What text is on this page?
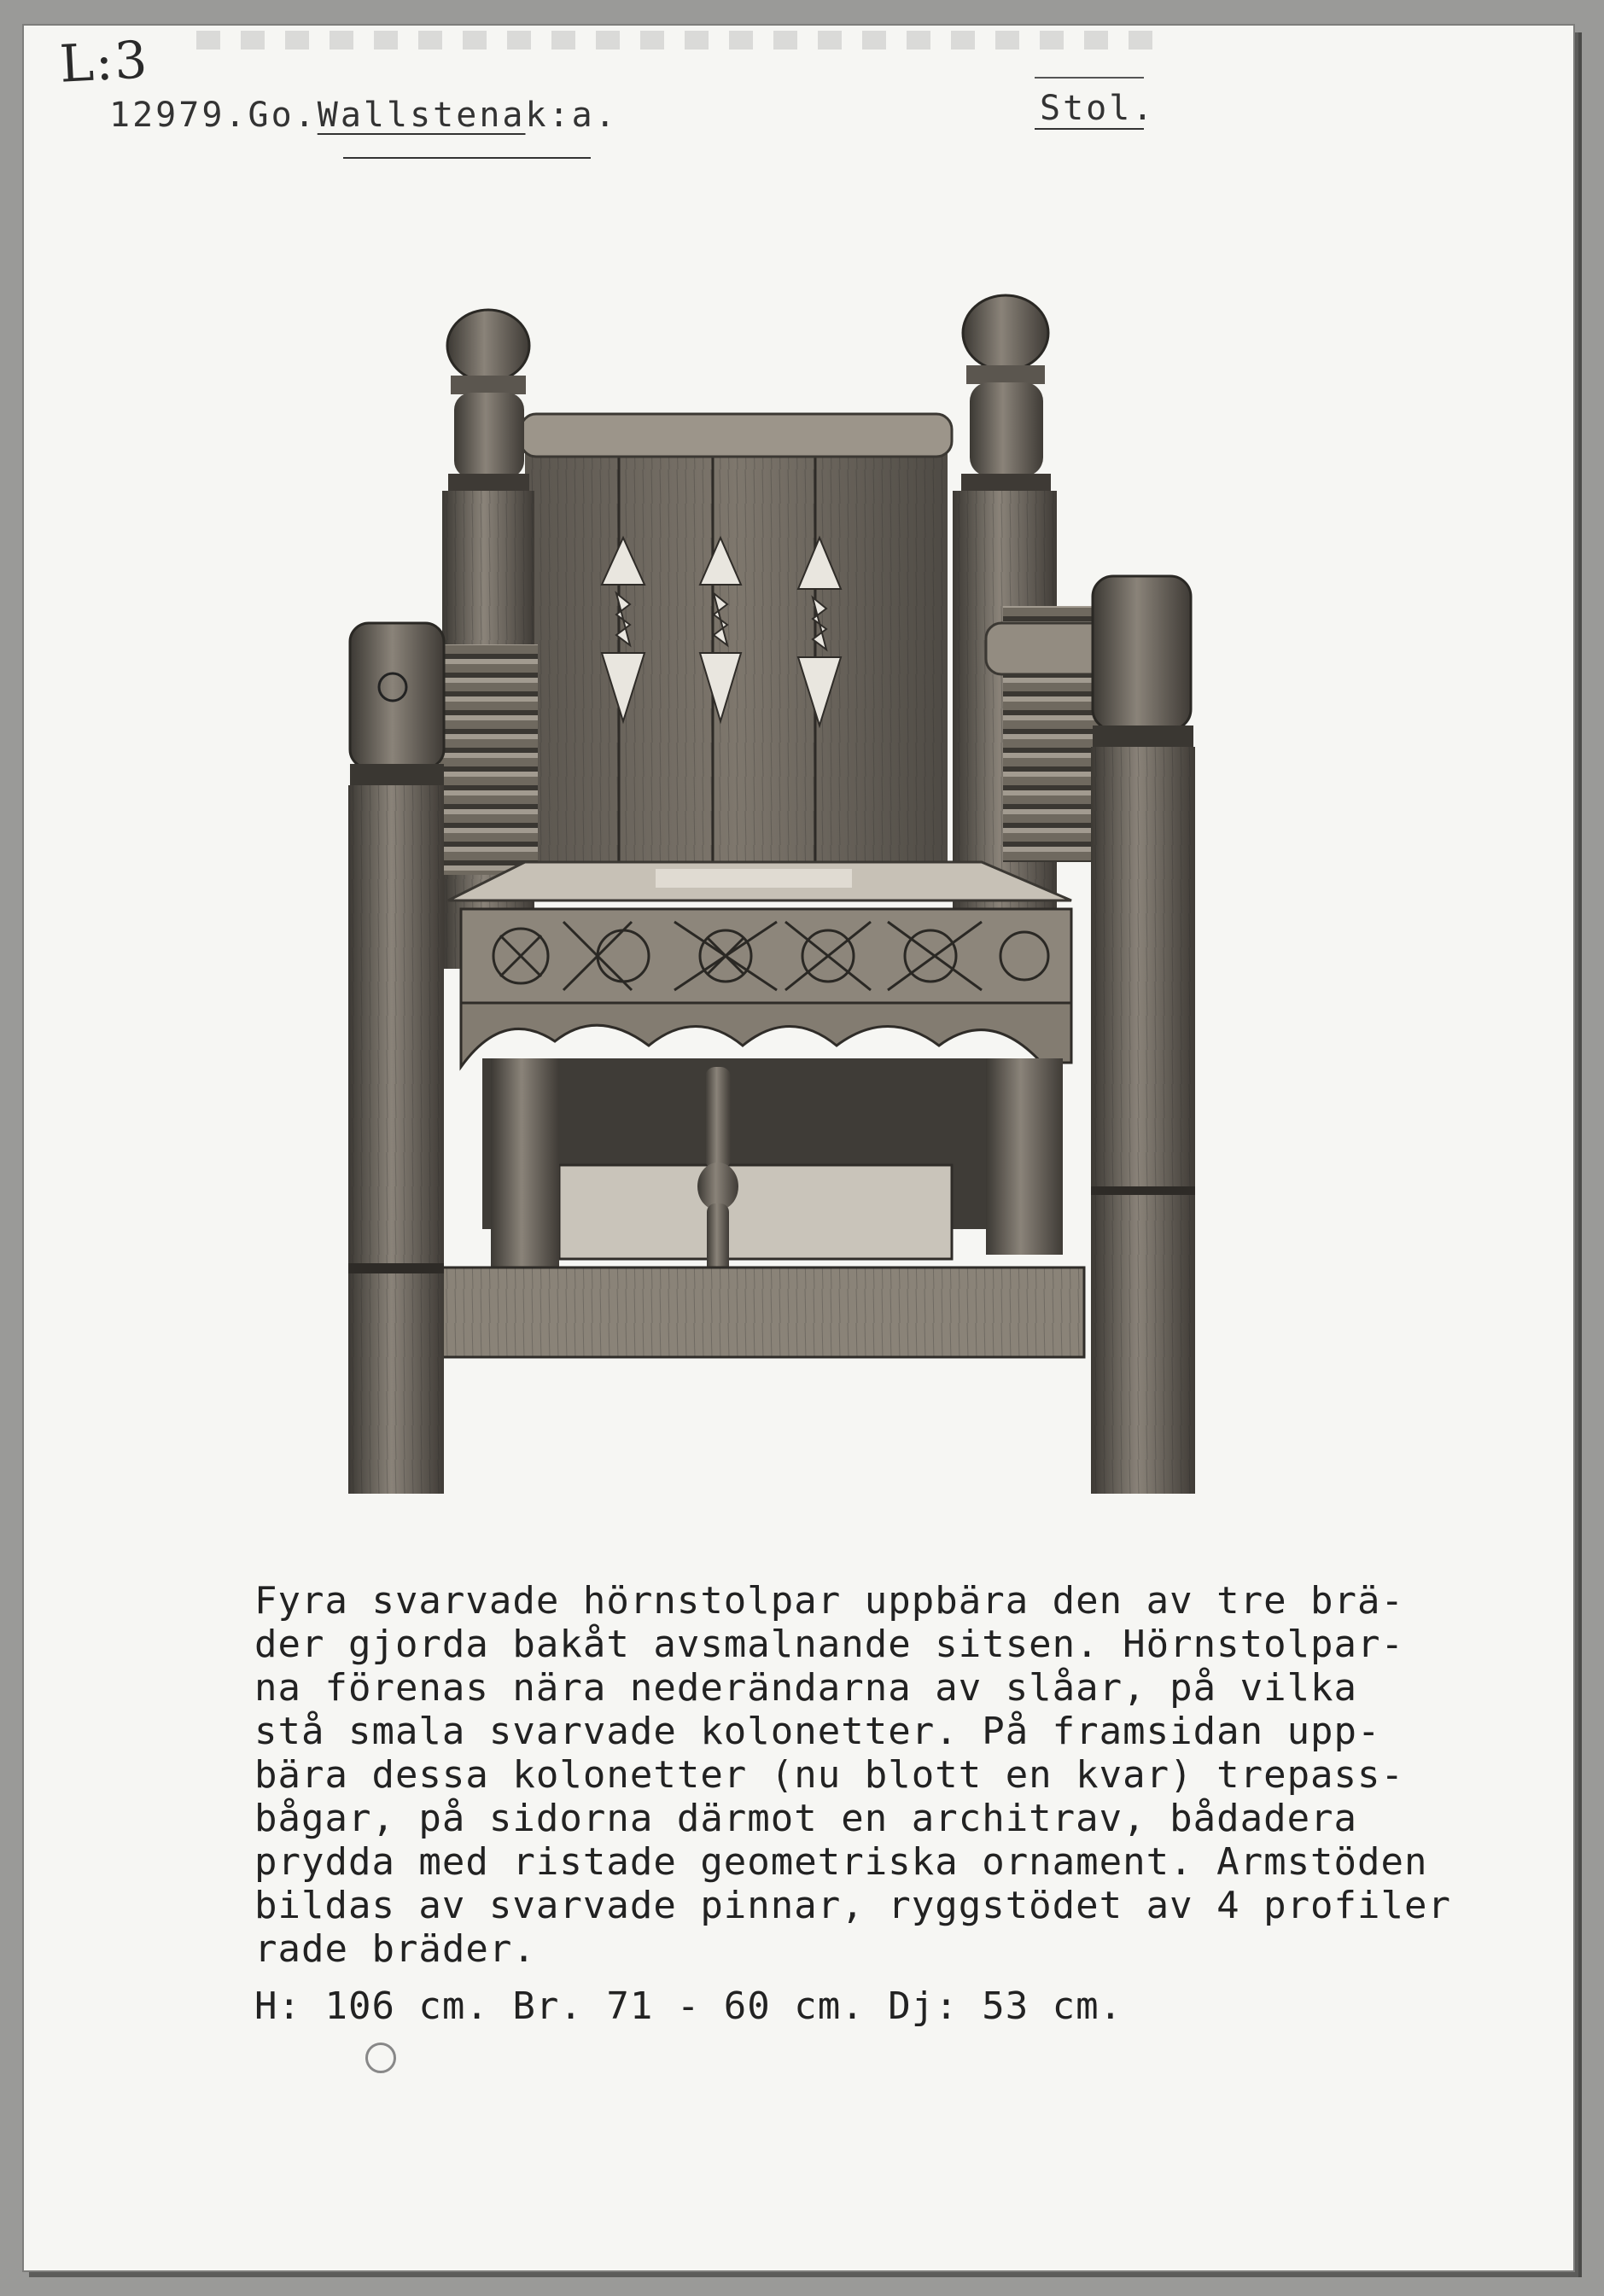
L:3
12979.Go.Wallstenak:a.	Stol.
Fyra svarvade hörnstolpar uppbära den av tre brä-
der gjorda bakåt avsmalnande sitsen. Hörnstolpar-
na förenas nära nederändarna av slåar, på vilka
stå smala svarvade kolonetter. På framsidan upp-
bära dessa kolonetter (nu blott en kvar) trepass-
bågar, på sidorna därmot en architrav, bådadera
prydda med ristade geometriska ornament. Armstöden
bildas av svarvade pinnar, ryggstödet av 4 profiler
rade bräder.
H: 106 cm. Br. 71 - 60 cm. Dj: 53 cm.
